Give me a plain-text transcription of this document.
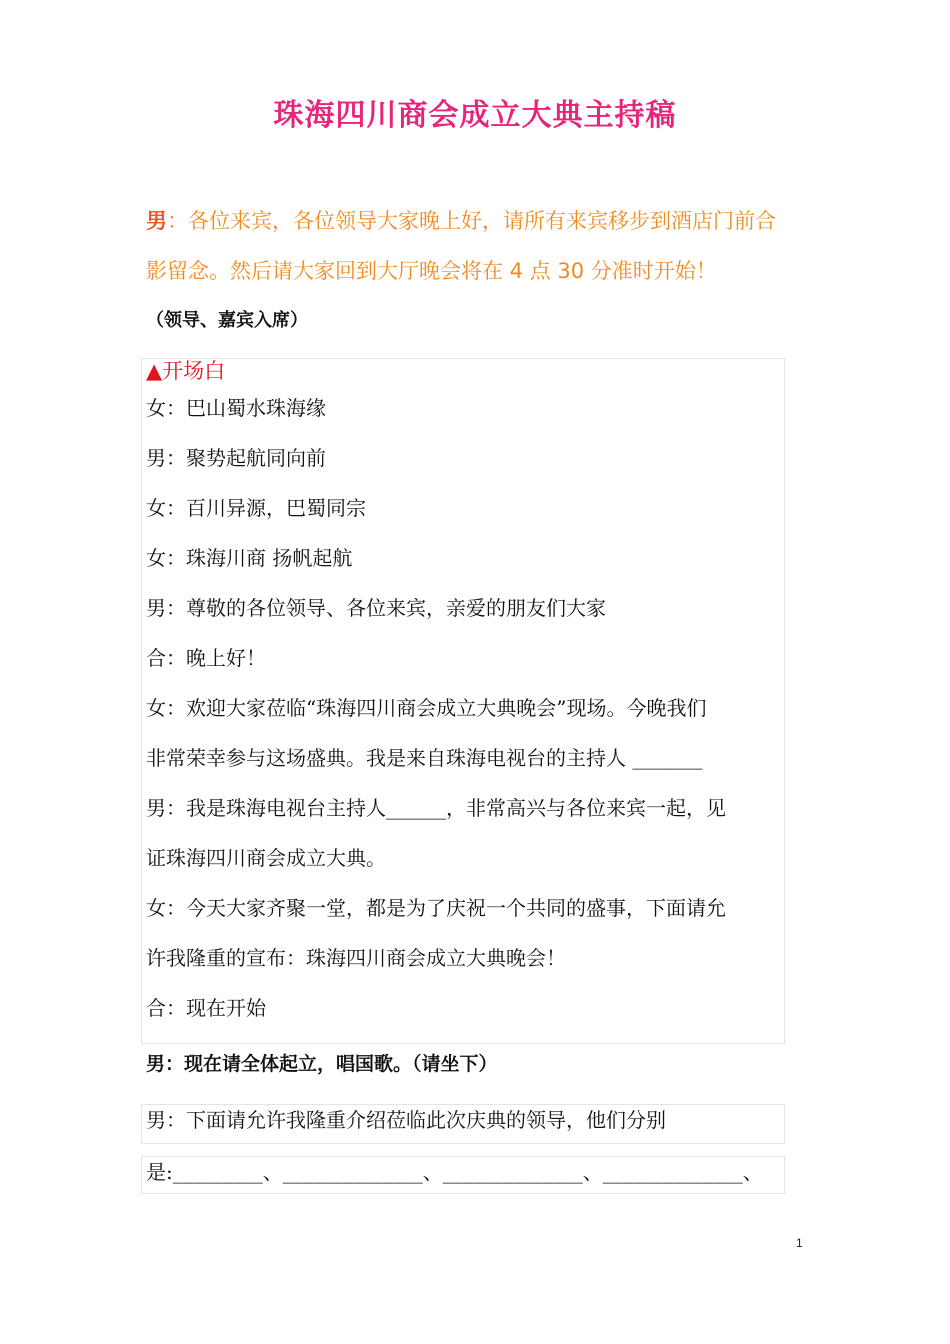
珠海四川商会成立大典主持稿
男：各位来宾，各位领导大家晚上好，请所有来宾移步到酒店门前合
影留念。然后请大家回到大厅晚会将在 4 点 30 分准时开始！
（领导、嘉宾入席）
▲开场白
女：巴山蜀水珠海缘
男：聚势起航同向前
女：百川异源，巴蜀同宗
女：珠海川商 扬帆起航
男：尊敬的各位领导、各位来宾，亲爱的朋友们大家
合：晚上好！
女：欢迎大家莅临“珠海四川商会成立大典晚会”现场。今晚我们
非常荣幸参与这场盛典。我是来自珠海电视台的主持人 _______
男：我是珠海电视台主持人______，非常高兴与各位来宾一起，见
证珠海四川商会成立大典。
女：今天大家齐聚一堂，都是为了庆祝一个共同的盛事，下面请允
许我隆重的宣布：珠海四川商会成立大典晚会！
合：现在开始
男：现在请全体起立，唱国歌。（请坐下）
男：下面请允许我隆重介绍莅临此次庆典的领导，他们分别
是:_________、______________、______________、______________、
1
